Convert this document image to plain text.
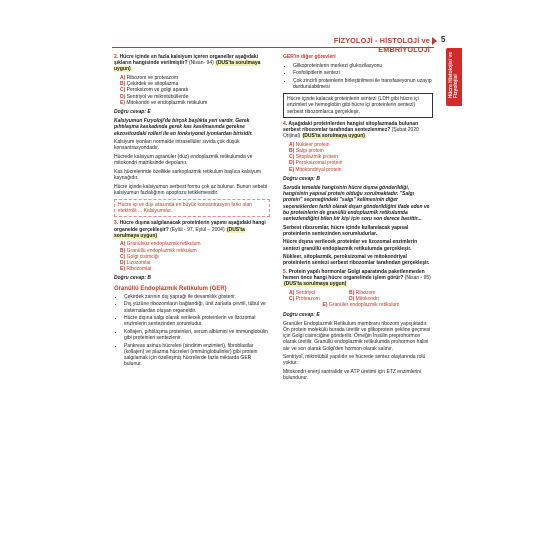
FİZYOLOJİ - HİSTOLOJİ ve EMBRİYOLOJİ
5
Hücre Histolojisi ve
Fizyolojisi

2. Hücre içinde en fazla kalsiyum içeren organeller aşağıdaki şıkların hangisinde verilmiştir? (Nisan- 94) (DUS'ta sorulmaya uygun)

A) Ribozom ve proteazom
B) Çekirdek ve sitoplazma
C) Peroksizom ve golgi aparatı
D) Sentriyol ve mikrotübüllerde
E) Mitokondri ve endoplazmik retikulum

Doğru cevap: E

Kalsiyumun Fizyoloji'de birçok başlıkta yeri vardır. Gerek pıhtılaşma kaskadında gerek kas kasılmasında gerekse ekzositozdaki rolleri ile en fonksiyonel iyonlardan birisidir.

Kalsiyum iyonları normalde intrasellüler sıvıda çok düşük konsantrasyondadır.

Hücrede kalsiyum agranüler (düz) endoplazmik retikulumda ve mitokondri matriksinde depolanır.

Kas hücrelerinde özellikle sarkoplazmik retikulum başlıca kalsiyum kaynağıdır.

Hücre içinde kalsiyumun serbest formu çok az bulunur. Bunun sebebi kalsiyumun fazlalığının apoptozu tetiklemesidir.

Hücre içi ve dışı arasında en büyük konsantrasyon farkı olan elektrolit ... Kalsiyumdur.

3. Hücre dışına salgılanacak proteinlerin yapımı aşağıdaki hangi organelde gerçekleşir? (Eylül - 97, Eylül – 2004) (DUS'ta sorulmaya uygun)

A) Granülsüz endoplazmik retikulum
B) Granüllü endoplazmik retikulum
C) Golgi cisimciği
D) Lizozomlar
E) Ribozomlar

Doğru cevap: B

Granüllü Endoplazmik Retikulum (GER)

• Çekirdek zarının dış yaprağı ile devamlılık gösterir.
• Dış yüzüne ribozomların bağlandığı, ünit zarlarla çevrili, tübul ve sisternalardan oluşan organeldir.
• Hücre dışına salgı olarak verilecek proteinlerin ve lizozomal enzimlerin sentezinden sorumludur.
• Kollajen, pıhtılaşma proteinleri, serum albümini ve immünglobülin gibi proteinleri sentezlenir.
• Pankreas asinus hücreleri (sindirim enzimleri), fibroblastlar (kollajen) ve plazma hücreleri (immünglobulinler) gibi protein salgılamak için özelleşmiş hücrelerde fazla miktarda GER bulunur.

GER'in diğer görevleri

• Glikoproteinlerin merkezi glukozilasyonu
• Fosfolipitlerin sentezi
• Çok zincirli proteinlerin birleştirilmesi ile transfaseyonun uzayıp durdurulabilmesi
Hücre içinde kalacak proteinlerin sentezi (LDH gibi hücre içi enzimleri ve hemoglobin gibi hücre içi proteinlerin sentezi) serbest ribozomlarca gerçekleşir.

4. Aşağıdaki proteinlerden hangisi sitoplazmada bulunan serbest ribozomlar tarafından sentezlenmez? (Şubat 2020 Orijinal) (DUS'ta sorulmaya uygun)

A) Nükleer protein
B) Salgı protein
C) Sitoplazmik protein
D) Peroksizomal protein
E) Mitokondriyal protein

Doğru cevap: B

Soruda temelde hangisinin hücre dışına gönderildiği, hangisinin yapısal protein olduğu sorulmaktadır. "Salgı protein" seçeneğindeki "salgı" kelimesinin diğer seçeneklerden farklı olarak dışarı gönderildiğini ifade eden ve bu proteinlerin de granüllü endoplazmik retikulumda sentezlendiğini bilen bir kişi için soru son derece basittir...

Serbest ribozomlar, hücre içinde kullanılacak yapısal proteinlerin sentezinden sorumludurlar.

Hücre dışına verilecek proteinler ve lizozomal enzimlerin sentezi granüllü endoplazmik retikulumda gerçekleşir.

Nükleer, sitoplazmik, peroksizomal ve mitokondriyal proteinlerin sentezi serbest ribozomlar tarafından gerçekleşir.

5. Protein yapılı hormonlar Golgi aparatında paketlenmeden hemen önce hangi hücre organelinde işlem görür? (Nisan - 95) (DUS'ta sorulmaya uygun)

A) Sentriyol	B) Ribozom
C) Proteazom	D) Mitokondri
E) Granüler endoplazmik retikulum

Doğru cevap: E

Granüler Endoplazmik Retikulum membranı ribozom yapışıktadır. Ön protein molekülü burada üretilir ve glikoprotein şekline geçmesi için Golgi cisimciğine gönderilir. Örneğin İnsülin preprohormon olarak üretilir. Granüllü endoplazmik retikulumda prohormon halini alır ve son olarak Golgi'den hormon olarak salınır.

Sentriyol, mikrotübül yapılıdır ve hücrede sentez olaylarında rolü yoktur.

Mitokondri enerji santralidir ve ATP üretimi için ETZ enzimlerini bulundurur.
